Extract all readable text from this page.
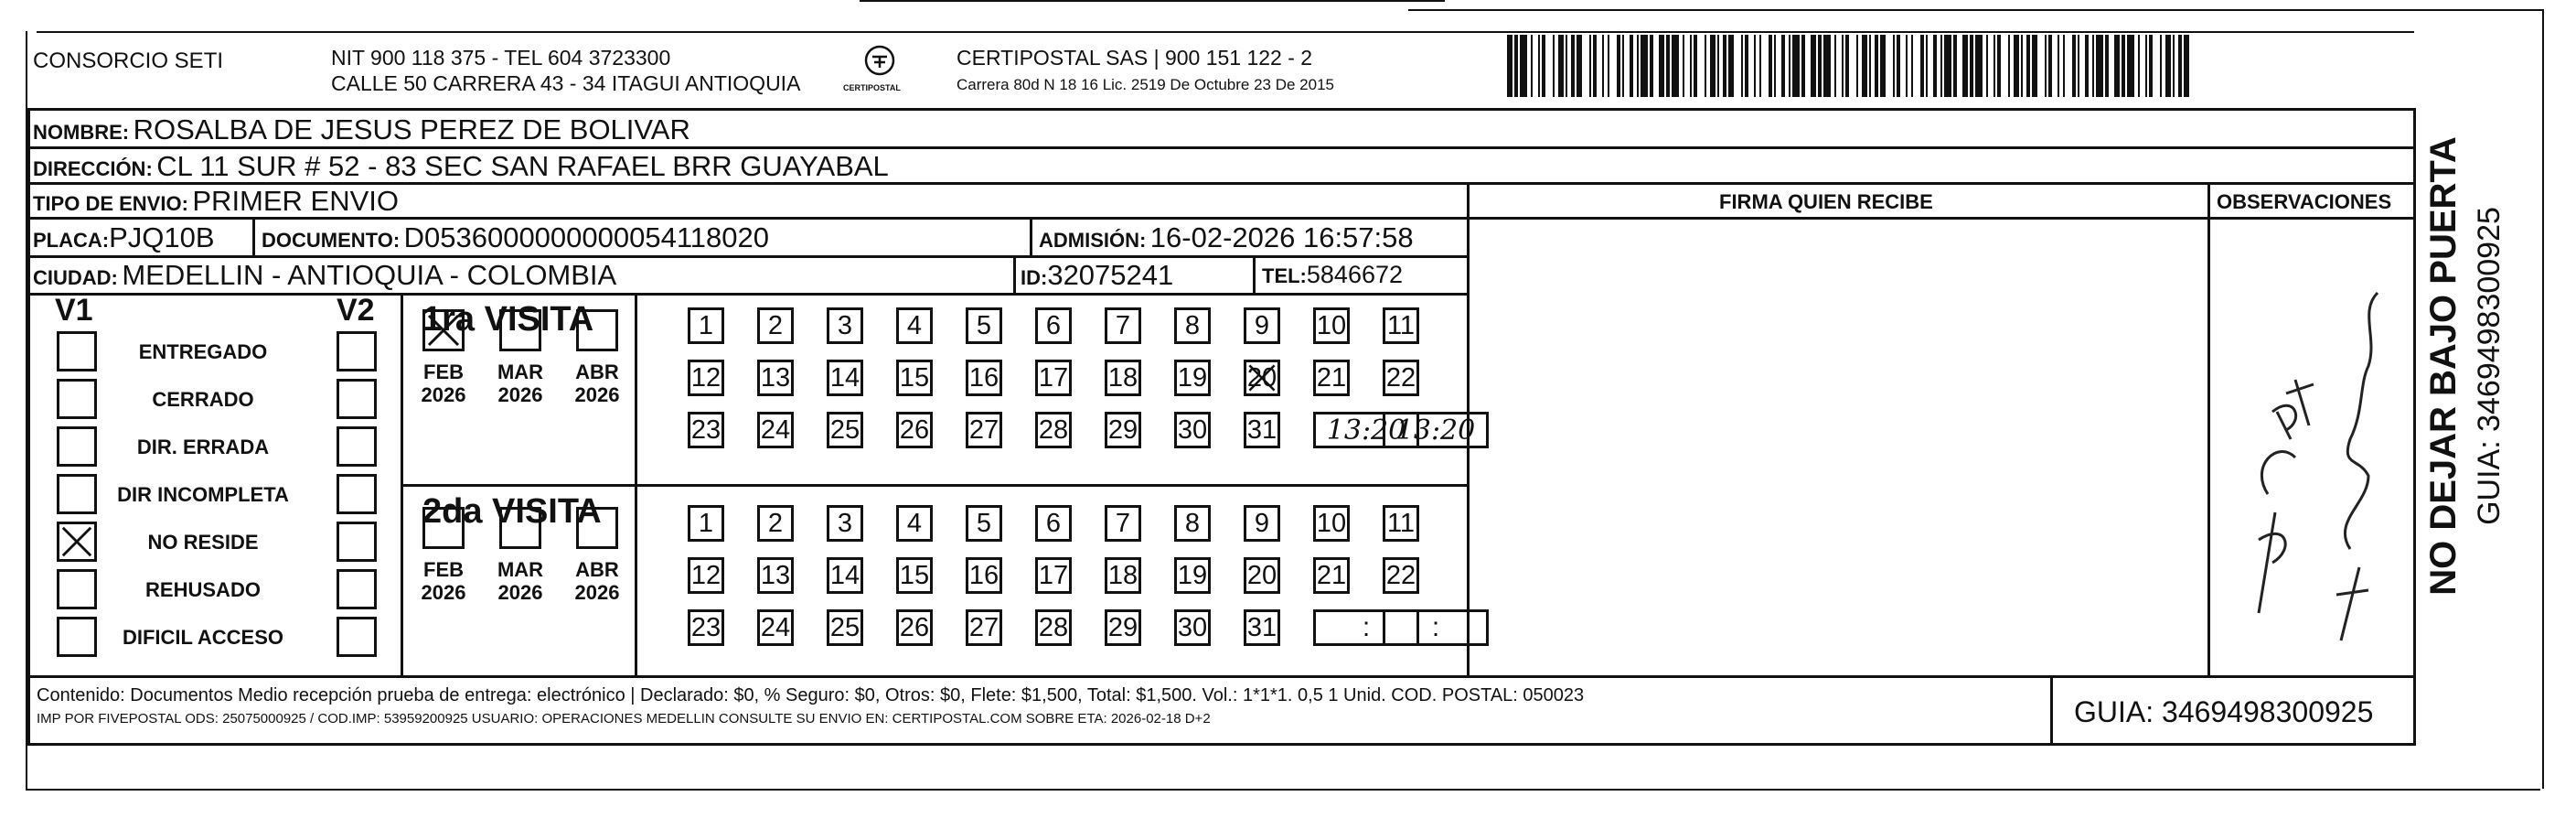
CONSORCIO SETI	NIT 900 118 375 - TEL 604 3723300
CALLE 50 CARRERA 43 - 34 ITAGUI ANTIOQUIA	CERTIPOSTAL
CERTIPOSTAL SAS | 900 151 122 - 2
Carrera 80d N 18 16 Lic. 2519 De Octubre 23 De 2015
NOMBRE: ROSALBA DE JESUS PEREZ DE BOLIVAR
DIRECCIÓN: CL 11 SUR # 52 - 83 SEC SAN RAFAEL BRR GUAYABAL
TIPO DE ENVIO: PRIMER ENVIO	FIRMA QUIEN RECIBE	OBSERVACIONES
PLACA:PJQ10B DOCUMENTO: D0536000000000054118020	ADMISIÓN: 16-02-2026 16:57:58
CIUDAD: MEDELLIN - ANTIOQUIA - COLOMBIA	ID:32075241	TEL:5846672
V1	V2
ENTREGADO
CERRADO
DIR. ERRADA
DIR INCOMPLETA
NO RESIDE
REHUSADO
DIFICIL ACCESO
1ra VISITA
2da VISITA
1 2 3 4 5 6 7 8 9 10 11
12 13 14 15 16 17 18 19 20 21 22
23 24 25 26 27 28 29 30 31 13:20
13:20
FEB
2026
MAR
2026
ABR
2026
1 2 3 4 5 6 7 8 9 10 11
12 13 14 15 16 17 18 19 20 21 22
23 24 25 26 27 28 29 30 31	: :
FEB
2026
MAR
2026
ABR
2026
Contenido: Documentos Medio recepción prueba de entrega: electrónico | Declarado: $0, % Seguro: $0, Otros: $0, Flete: $1,500, Total: $1,500. Vol.: 1*1*1. 0,5 1 Unid. COD. POSTAL: 050023
IMP POR FIVEPOSTAL ODS: 25075000925 / COD.IMP: 53959200925 USUARIO: OPERACIONES MEDELLIN CONSULTE SU ENVIO EN: CERTIPOSTAL.COM SOBRE ETA: 2026-02-18 D+2	GUIA: 3469498300925
NO DEJAR BAJO PUERTA GUIA: 3469498300925
